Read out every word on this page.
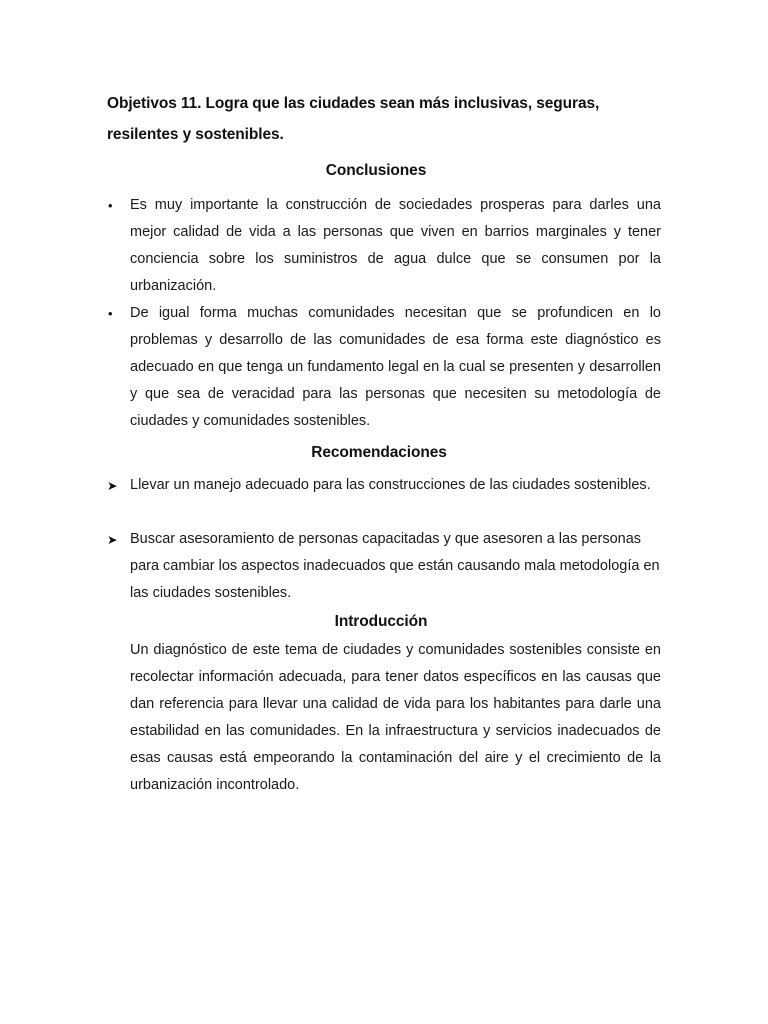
Objetivos 11. Logra que las ciudades sean más inclusivas, seguras, resilentes y sostenibles.
Conclusiones
• Es muy importante la construcción de sociedades prosperas para darles una mejor calidad de vida a las personas que viven en barrios marginales y tener conciencia sobre los suministros de agua dulce que se consumen por la urbanización.

• De igual forma muchas comunidades necesitan que se profundicen en lo problemas y desarrollo de las comunidades de esa forma este diagnóstico es adecuado en que tenga un fundamento legal en la cual se presenten y desarrollen y que sea de veracidad para las personas que necesiten su metodología de ciudades y comunidades sostenibles.

Recomendaciones
➤ Llevar un manejo adecuado para las construcciones de las ciudades sostenibles.

➤ Buscar asesoramiento de personas capacitadas y que asesoren a las personas para cambiar los aspectos inadecuados que están causando mala metodología en las ciudades sostenibles.

Introducción

Un diagnóstico de este tema de ciudades y comunidades sostenibles consiste en recolectar información adecuada, para tener datos específicos en las causas que dan referencia para llevar una calidad de vida para los habitantes para darle una estabilidad en las comunidades. En la infraestructura y servicios inadecuados de esas causas está empeorando la contaminación del aire y el crecimiento de la urbanización incontrolado.
